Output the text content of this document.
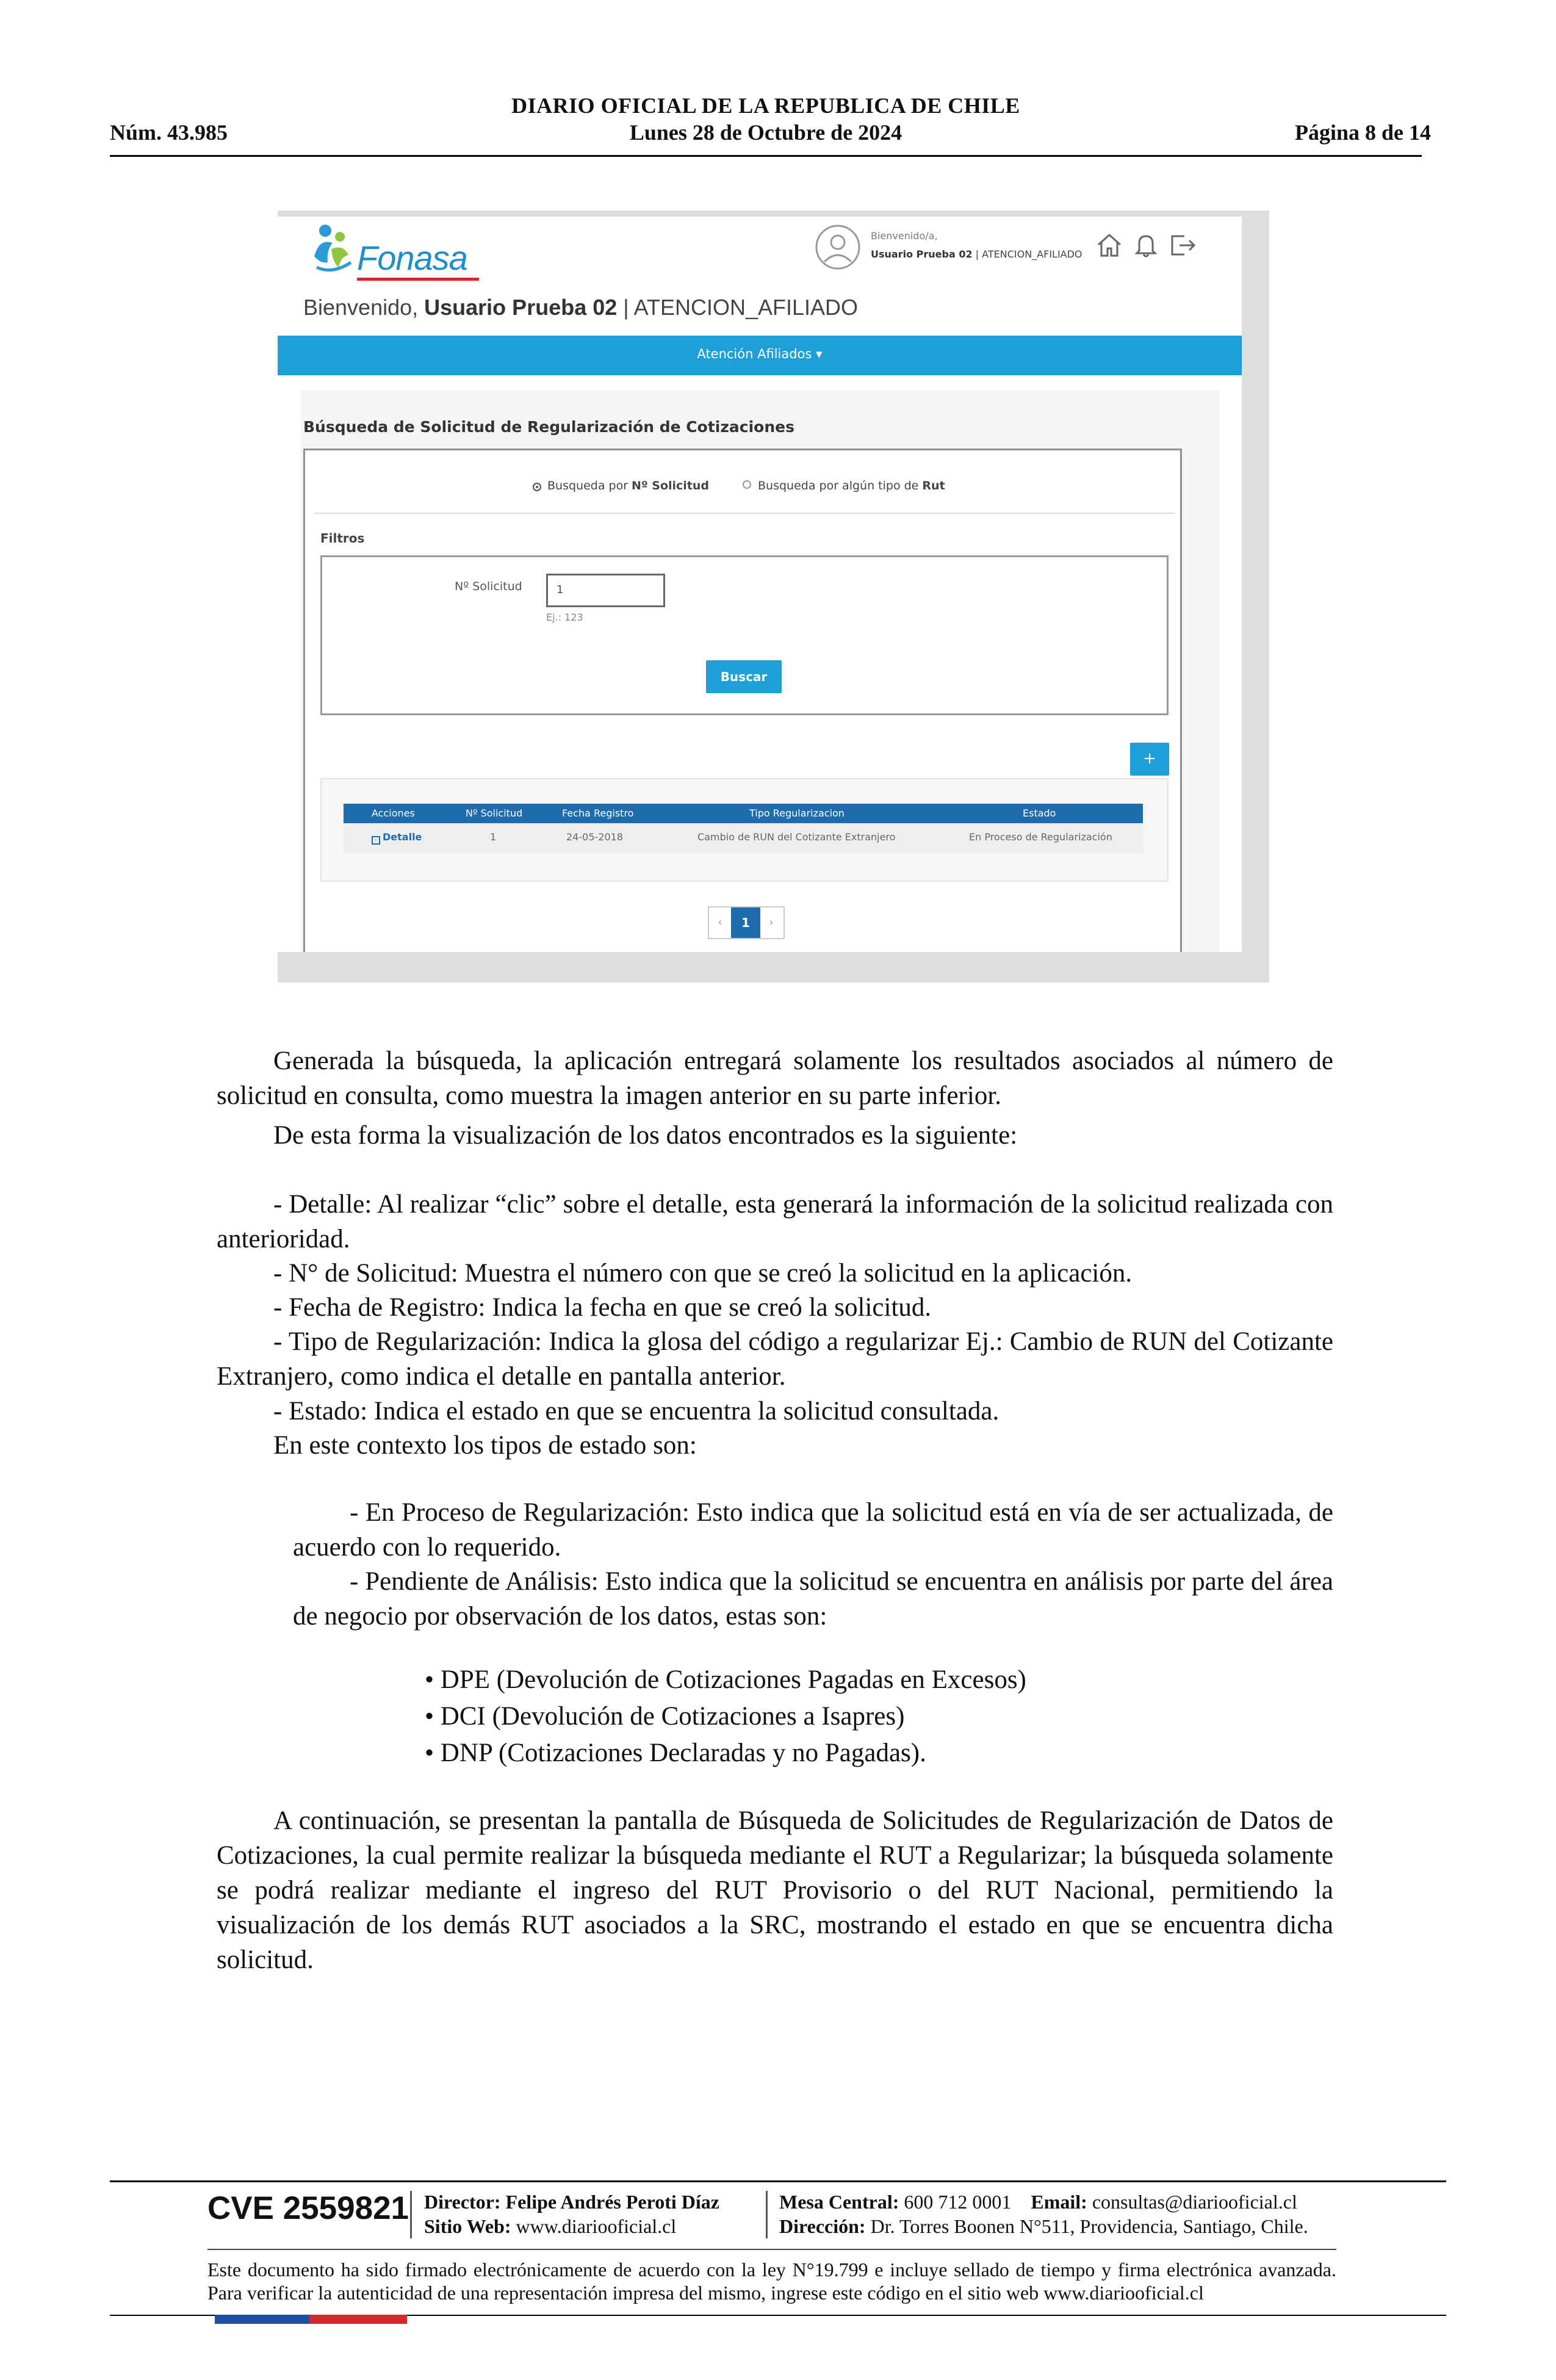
DIARIO OFICIAL DE LA REPUBLICA DE CHILE
Núm. 43.985	Lunes 28 de Octubre de 2024	Página 8 de 14
Fonasa
Bienvenido/a,
Usuario Prueba 02 | ATENCION_AFILIADO
Bienvenido, Usuario Prueba 02 | ATENCION_AFILIADO
Atención Afiliados ▾
Búsqueda de Solicitud de Regularización de Cotizaciones
Busqueda por Nº Solicitud	Busqueda por algún tipo de Rut
Filtros
Nº Solicitud	1
Ej.: 123
Buscar
+
Acciones	Nº Solicitud	Fecha Registro	Tipo Regularizacion	Estado
- Detalle	1	24-05-2018	Cambio de RUN del Cotizante Extranjero	En Proceso de Regularización
‹	1	›
Generada la búsqueda, la aplicación entregará solamente los resultados asociados al número de solicitud en consulta, como muestra la imagen anterior en su parte inferior.
De esta forma la visualización de los datos encontrados es la siguiente:
- Detalle: Al realizar “clic” sobre el detalle, esta generará la información de la solicitud realizada con anterioridad.
- N° de Solicitud: Muestra el número con que se creó la solicitud en la aplicación.
- Fecha de Registro: Indica la fecha en que se creó la solicitud.
- Tipo de Regularización: Indica la glosa del código a regularizar Ej.: Cambio de RUN del Cotizante Extranjero, como indica el detalle en pantalla anterior.
- Estado: Indica el estado en que se encuentra la solicitud consultada.
En este contexto los tipos de estado son:
- En Proceso de Regularización: Esto indica que la solicitud está en vía de ser actualizada, de acuerdo con lo requerido.
- Pendiente de Análisis: Esto indica que la solicitud se encuentra en análisis por parte del área de negocio por observación de los datos, estas son:
• DPE (Devolución de Cotizaciones Pagadas en Excesos)
• DCI (Devolución de Cotizaciones a Isapres)
• DNP (Cotizaciones Declaradas y no Pagadas).
A continuación, se presentan la pantalla de Búsqueda de Solicitudes de Regularización de Datos de Cotizaciones, la cual permite realizar la búsqueda mediante el RUT a Regularizar; la búsqueda solamente se podrá realizar mediante el ingreso del RUT Provisorio o del RUT Nacional, permitiendo la visualización de los demás RUT asociados a la SRC, mostrando el estado en que se encuentra dicha solicitud.
CVE 2559821 Director: Felipe Andrés Peroti Díaz
Sitio Web: www.diariooficial.cl
Mesa Central: 600 712 0001 Email: consultas@diariooficial.cl
Dirección: Dr. Torres Boonen N°511, Providencia, Santiago, Chile.
Este documento ha sido firmado electrónicamente de acuerdo con la ley N°19.799 e incluye sellado de tiempo y firma electrónica avanzada. Para verificar la autenticidad de una representación impresa del mismo, ingrese este código en el sitio web www.diariooficial.cl
